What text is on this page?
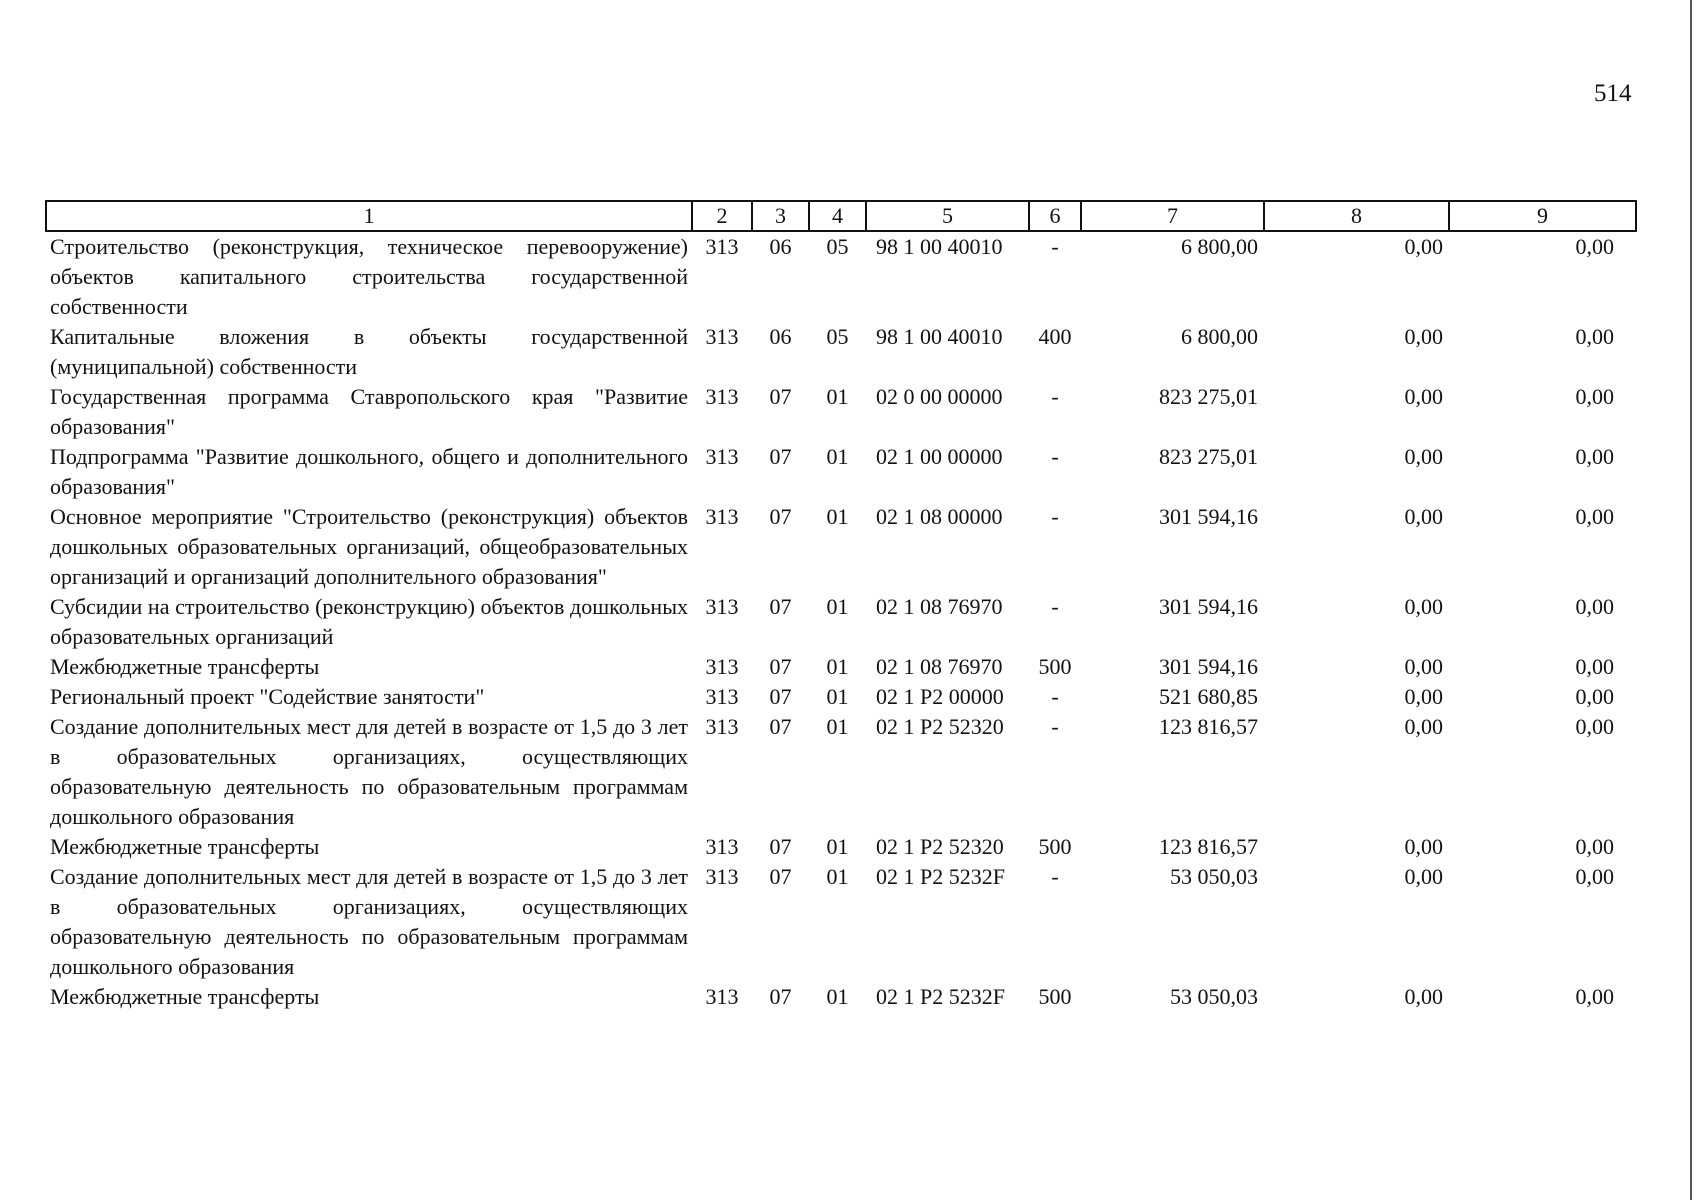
514
1	2	3	4	5	6	7	8	9
Строительство (реконструкция, техническое перевооружение) объектов капитального строительства государственной собственности	313	06	05	98 1 00 40010	-	6 800,00	0,00	0,00
Капитальные вложения в объекты государственной (муниципальной) собственности	313	06	05	98 1 00 40010	400	6 800,00	0,00	0,00
Государственная программа Ставропольского края "Развитие образования"	313	07	01	02 0 00 00000	-	823 275,01	0,00	0,00
Подпрограмма "Развитие дошкольного, общего и дополнительного образования"	313	07	01	02 1 00 00000	-	823 275,01	0,00	0,00
Основное мероприятие "Строительство (реконструкция) объектов дошкольных образовательных организаций, общеобразовательных организаций и организаций дополнительного образования"	313	07	01	02 1 08 00000	-	301 594,16	0,00	0,00
Субсидии на строительство (реконструкцию) объектов дошкольных образовательных организаций	313	07	01	02 1 08 76970	-	301 594,16	0,00	0,00
Межбюджетные трансферты	313	07	01	02 1 08 76970	500	301 594,16	0,00	0,00
Региональный проект "Содействие занятости"	313	07	01	02 1 P2 00000	-	521 680,85	0,00	0,00
Создание дополнительных мест для детей в возрасте от 1,5 до 3 лет в образовательных организациях, осуществляющих образовательную деятельность по образовательным программам дошкольного образования	313	07	01	02 1 P2 52320	-	123 816,57	0,00	0,00
Межбюджетные трансферты	313	07	01	02 1 P2 52320	500	123 816,57	0,00	0,00
Создание дополнительных мест для детей в возрасте от 1,5 до 3 лет в образовательных организациях, осуществляющих образовательную деятельность по образовательным программам дошкольного образования	313	07	01	02 1 P2 5232F	-	53 050,03	0,00	0,00
Межбюджетные трансферты	313	07	01	02 1 P2 5232F	500	53 050,03	0,00	0,00
